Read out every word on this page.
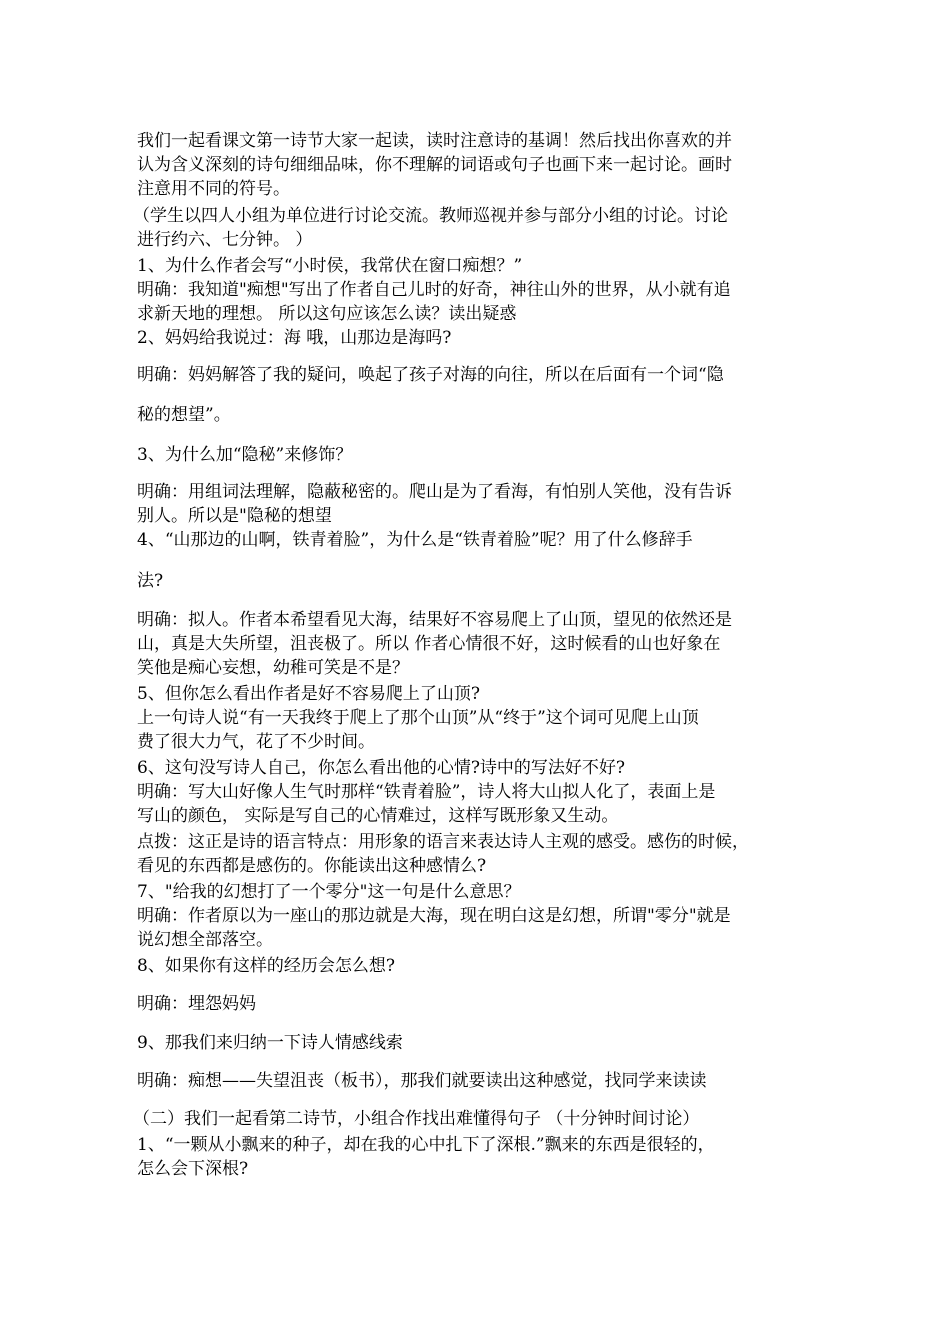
我们一起看课文第一诗节大家一起读，读时注意诗的基调！然后找出你喜欢的并
认为含义深刻的诗句细细品味，你不理解的词语或句子也画下来一起讨论。画时
注意用不同的符号。
（学生以四人小组为单位进行讨论交流。教师巡视并参与部分小组的讨论。讨论
进行约六、七分钟。 ）
1、为什么作者会写“小时侯，我常伏在窗口痴想？”
明确：我知道"痴想"写出了作者自己儿时的好奇，神往山外的世界，从小就有追
求新天地的理想。 所以这句应该怎么读？读出疑惑
2、妈妈给我说过：海 哦，山那边是海吗?
明确：妈妈解答了我的疑问，唤起了孩子对海的向往，所以在后面有一个词“隐
秘的想望”。
3、为什么加“隐秘”来修饰？
明确：用组词法理解，隐蔽秘密的。爬山是为了看海，有怕别人笑他，没有告诉
别人。所以是"隐秘的想望
4、“山那边的山啊，铁青着脸”，为什么是“铁青着脸”呢？用了什么修辞手
法?
明确：拟人。作者本希望看见大海，结果好不容易爬上了山顶，望见的依然还是
山，真是大失所望，沮丧极了。所以 作者心情很不好，这时候看的山也好象在
笑他是痴心妄想，幼稚可笑是不是？
5、但你怎么看出作者是好不容易爬上了山顶?
上一句诗人说“有一天我终于爬上了那个山顶”从“终于”这个词可见爬上山顶
费了很大力气，花了不少时间。
6、这句没写诗人自己，你怎么看出他的心情?诗中的写法好不好?
明确：写大山好像人生气时那样“铁青着脸”，诗人将大山拟人化了，表面上是
写山的颜色， 实际是写自己的心情难过，这样写既形象又生动。
点拨：这正是诗的语言特点：用形象的语言来表达诗人主观的感受。感伤的时候，
看见的东西都是感伤的。你能读出这种感情么?
7、"给我的幻想打了一个零分"这一句是什么意思？
明确：作者原以为一座山的那边就是大海，现在明白这是幻想，所谓"零分"就是
说幻想全部落空。
8、如果你有这样的经历会怎么想?
明确：埋怨妈妈
9、那我们来归纳一下诗人情感线索
明确：痴想——失望沮丧（板书），那我们就要读出这种感觉，找同学来读读
（二）我们一起看第二诗节，小组合作找出难懂得句子 （十分钟时间讨论）
1、“一颗从小飘来的种子，却在我的心中扎下了深根.”飘来的东西是很轻的，
怎么会下深根?
